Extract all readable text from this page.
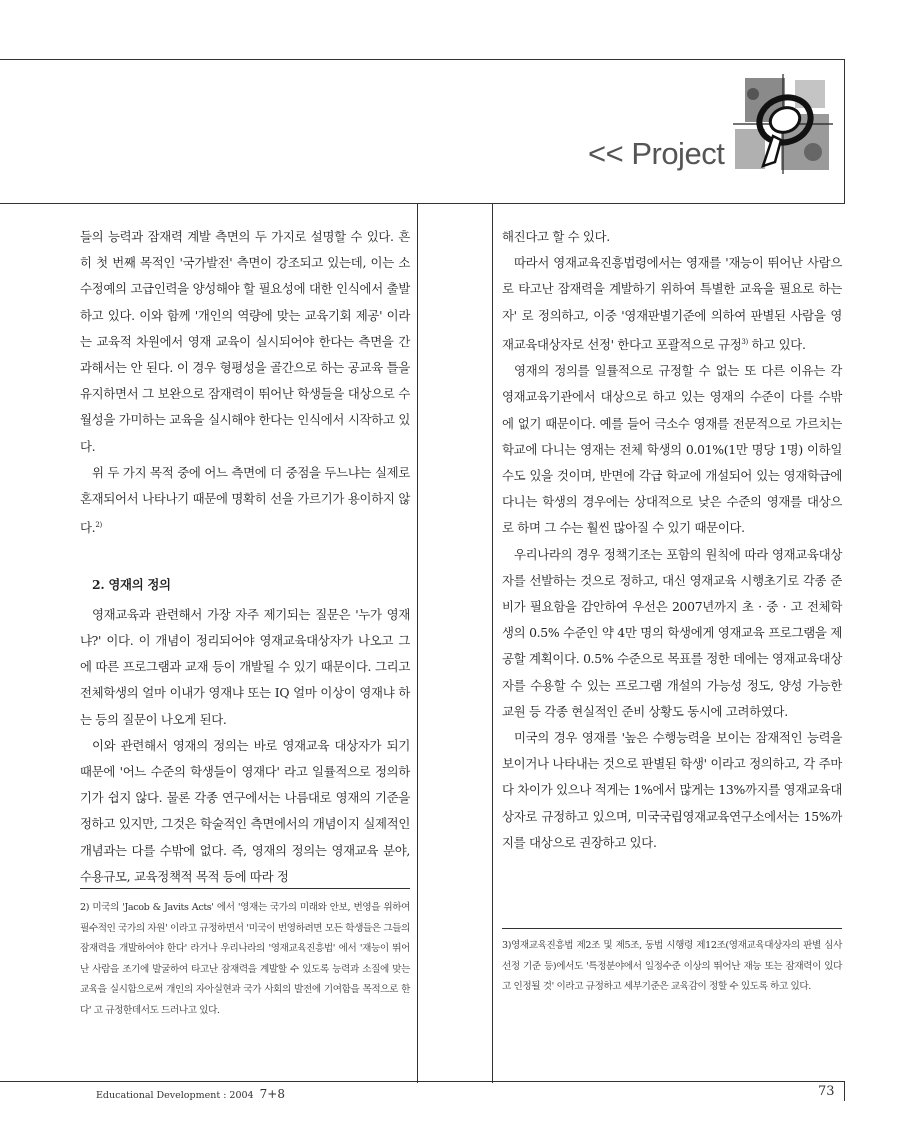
<< Project

들의 능력과 잠재력 계발 측면의 두 가지로 설명할 수 있다. 흔히 첫 번째 목적인 '국가발전' 측면이 강조되고 있는데, 이는 소수정예의 고급인력을 양성해야 할 필요성에 대한 인식에서 출발하고 있다. 이와 함께 '개인의 역량에 맞는 교육기회 제공' 이라는 교육적 차원에서 영재 교육이 실시되어야 한다는 측면을 간과해서는 안 된다. 이 경우 형평성을 골간으로 하는 공교육 틀을 유지하면서 그 보완으로 잠재력이 뛰어난 학생들을 대상으로 수월성을 가미하는 교육을 실시해야 한다는 인식에서 시작하고 있다.

위 두 가지 목적 중에 어느 측면에 더 중점을 두느냐는 실제로 혼재되어서 나타나기 때문에 명확히 선을 가르기가 용이하지 않다.$^{2)}$

2. 영재의 정의

영재교육과 관련해서 가장 자주 제기되는 질문은 '누가 영재냐?' 이다. 이 개념이 정리되어야 영재교육대상자가 나오고 그에 따른 프로그램과 교재 등이 개발될 수 있기 때문이다. 그리고 전체학생의 얼마 이내가 영재냐 또는 IQ 얼마 이상이 영재냐 하는 등의 질문이 나오게 된다.

이와 관련해서 영재의 정의는 바로 영재교육 대상자가 되기 때문에 '어느 수준의 학생들이 영재다' 라고 일률적으로 정의하기가 쉽지 않다. 물론 각종 연구에서는 나름대로 영재의 기준을 정하고 있지만, 그것은 학술적인 측면에서의 개념이지 실제적인 개념과는 다를 수밖에 없다. 즉, 영재의 정의는 영재교육 분야, 수용규모, 교육정책적 목적 등에 따라 정

해진다고 할 수 있다.

따라서 영재교육진흥법령에서는 영재를 '재능이 뛰어난 사람으로 타고난 잠재력을 계발하기 위하여 특별한 교육을 필요로 하는 자' 로 정의하고, 이중 '영재판별기준에 의하여 판별된 사람을 영재교육대상자로 선정' 한다고 포괄적으로 규정$^{3)}$ 하고 있다.

영재의 정의를 일률적으로 규정할 수 없는 또 다른 이유는 각 영재교육기관에서 대상으로 하고 있는 영재의 수준이 다를 수밖에 없기 때문이다. 예를 들어 극소수 영재를 전문적으로 가르치는 학교에 다니는 영재는 전체 학생의 0.01%(1만 명당 1명) 이하일 수도 있을 것이며, 반면에 각급 학교에 개설되어 있는 영재학급에 다니는 학생의 경우에는 상대적으로 낮은 수준의 영재를 대상으로 하며 그 수는 훨씬 많아질 수 있기 때문이다.

우리나라의 경우 정책기조는 포함의 원칙에 따라 영재교육대상자를 선발하는 것으로 정하고, 대신 영재교육 시행초기로 각종 준비가 필요함을 감안하여 우선은 2007년까지 초 · 중 · 고 전체학생의 0.5% 수준인 약 4만 명의 학생에게 영재교육 프로그램을 제공할 계획이다. 0.5% 수준으로 목표를 정한 데에는 영재교육대상자를 수용할 수 있는 프로그램 개설의 가능성 정도, 양성 가능한 교원 등 각종 현실적인 준비 상황도 동시에 고려하였다.

미국의 경우 영재를 '높은 수행능력을 보이는 잠재적인 능력을 보이거나 나타내는 것으로 판별된 학생' 이라고 정의하고, 각 주마다 차이가 있으나 적게는 1%에서 많게는 13%까지를 영재교육대상자로 규정하고 있으며, 미국국립영재교육연구소에서는 15%까지를 대상으로 권장하고 있다.

2) 미국의 'Jacob & Javits Acts' 에서 '영재는 국가의 미래와 안보, 번영을 위하여 필수적인 국가의 자원' 이라고 규정하면서 '미국이 번영하려면 모든 학생들은 그들의 잠재력을 개발하여야 한다' 라거나 우리나라의 '영재교육진흥법' 에서 '재능이 뛰어난 사람을 조기에 발굴하여 타고난 잠재력을 계발할 수 있도록 능력과 소질에 맞는 교육을 실시함으로써 개인의 자아실현과 국가 사회의 발전에 기여함을 목적으로 한다' 고 규정한데서도 드러나고 있다.

3)영재교육진흥법 제2조 및 제5조, 동법 시행령 제12조(영재교육대상자의 판별 심사 선정 기준 등)에서도 '특정분야에서 일정수준 이상의 뛰어난 재능 또는 잠재력이 있다고 인정될 것' 이라고 규정하고 세부기준은 교육감이 정할 수 있도록 하고 있다.

Educational Development : 2004 7+8	73
